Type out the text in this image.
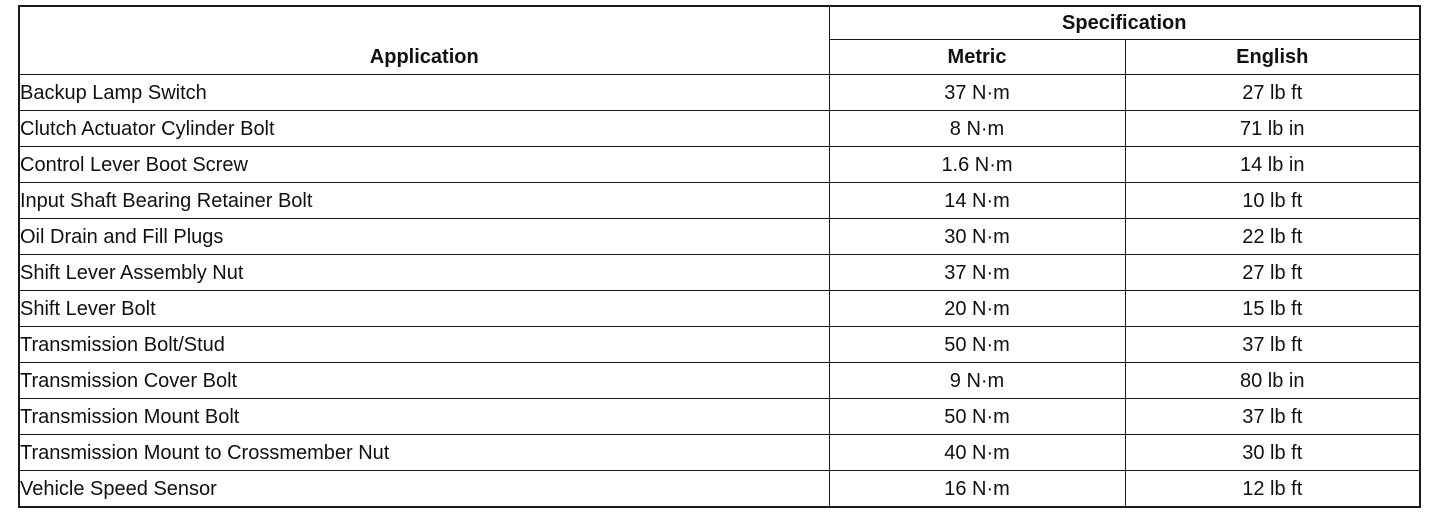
Application	Specification	
	Metric	English
Backup Lamp Switch	37 N·m	27 lb ft
Clutch Actuator Cylinder Bolt	8 N·m	71 lb in
Control Lever Boot Screw	1.6 N·m	14 lb in
Input Shaft Bearing Retainer Bolt	14 N·m	10 lb ft
Oil Drain and Fill Plugs	30 N·m	22 lb ft
Shift Lever Assembly Nut	37 N·m	27 lb ft
Shift Lever Bolt	20 N·m	15 lb ft
Transmission Bolt/Stud	50 N·m	37 lb ft
Transmission Cover Bolt	9 N·m	80 lb in
Transmission Mount Bolt	50 N·m	37 lb ft
Transmission Mount to Crossmember Nut	40 N·m	30 lb ft
Vehicle Speed Sensor	16 N·m	12 lb ft
